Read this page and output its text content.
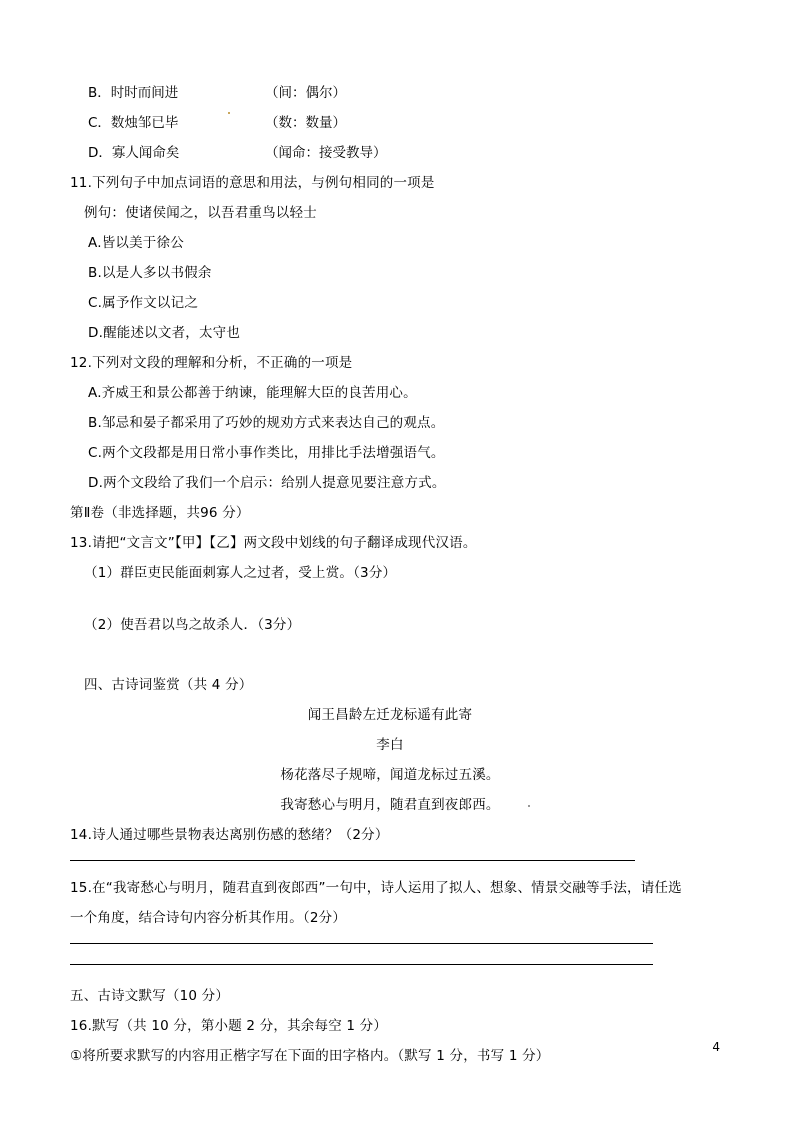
B．时时而间进	（间：偶尔）
C．数烛邹已毕	（数：数量）
D．寡人闻命矣	（闻命：接受教导）
11.下列句子中加点词语的意思和用法，与例句相同的一项是
例句：使诸侯闻之，以吾君重鸟以轻士
A.皆以美于徐公
B.以是人多以书假余
C.属予作文以记之
D.醒能述以文者，太守也
12.下列对文段的理解和分析，不正确的一项是
A.齐威王和景公都善于纳谏，能理解大臣的良苦用心。
B.邹忌和晏子都采用了巧妙的规劝方式来表达自己的观点。
C.两个文段都是用日常小事作类比，用排比手法增强语气。
D.两个文段给了我们一个启示：给别人提意见要注意方式。
第Ⅱ卷（非选择题，共96 分）
13.请把“文言文”【甲】【乙】两文段中划线的句子翻译成现代汉语。
（1）群臣吏民能面刺寡人之过者，受上赏。（3分）
（2）使吾君以鸟之故杀人．（3分）
四、古诗词鉴赏（共 4 分）
闻王昌龄左迁龙标遥有此寄
李白
杨花落尽子规啼，闻道龙标过五溪。
我寄愁心与明月，随君直到夜郎西。
14.诗人通过哪些景物表达离别伤感的愁绪？（2分）
15.在“我寄愁心与明月，随君直到夜郎西”一句中，诗人运用了拟人、想象、情景交融等手法，请任选
一个角度，结合诗句内容分析其作用。（2分）
五、古诗文默写（10 分）
16.默写（共 10 分，第小题 2 分，其余每空 1 分）
①将所要求默写的内容用正楷字写在下面的田字格内。（默写 1 分，书写 1 分）
4
